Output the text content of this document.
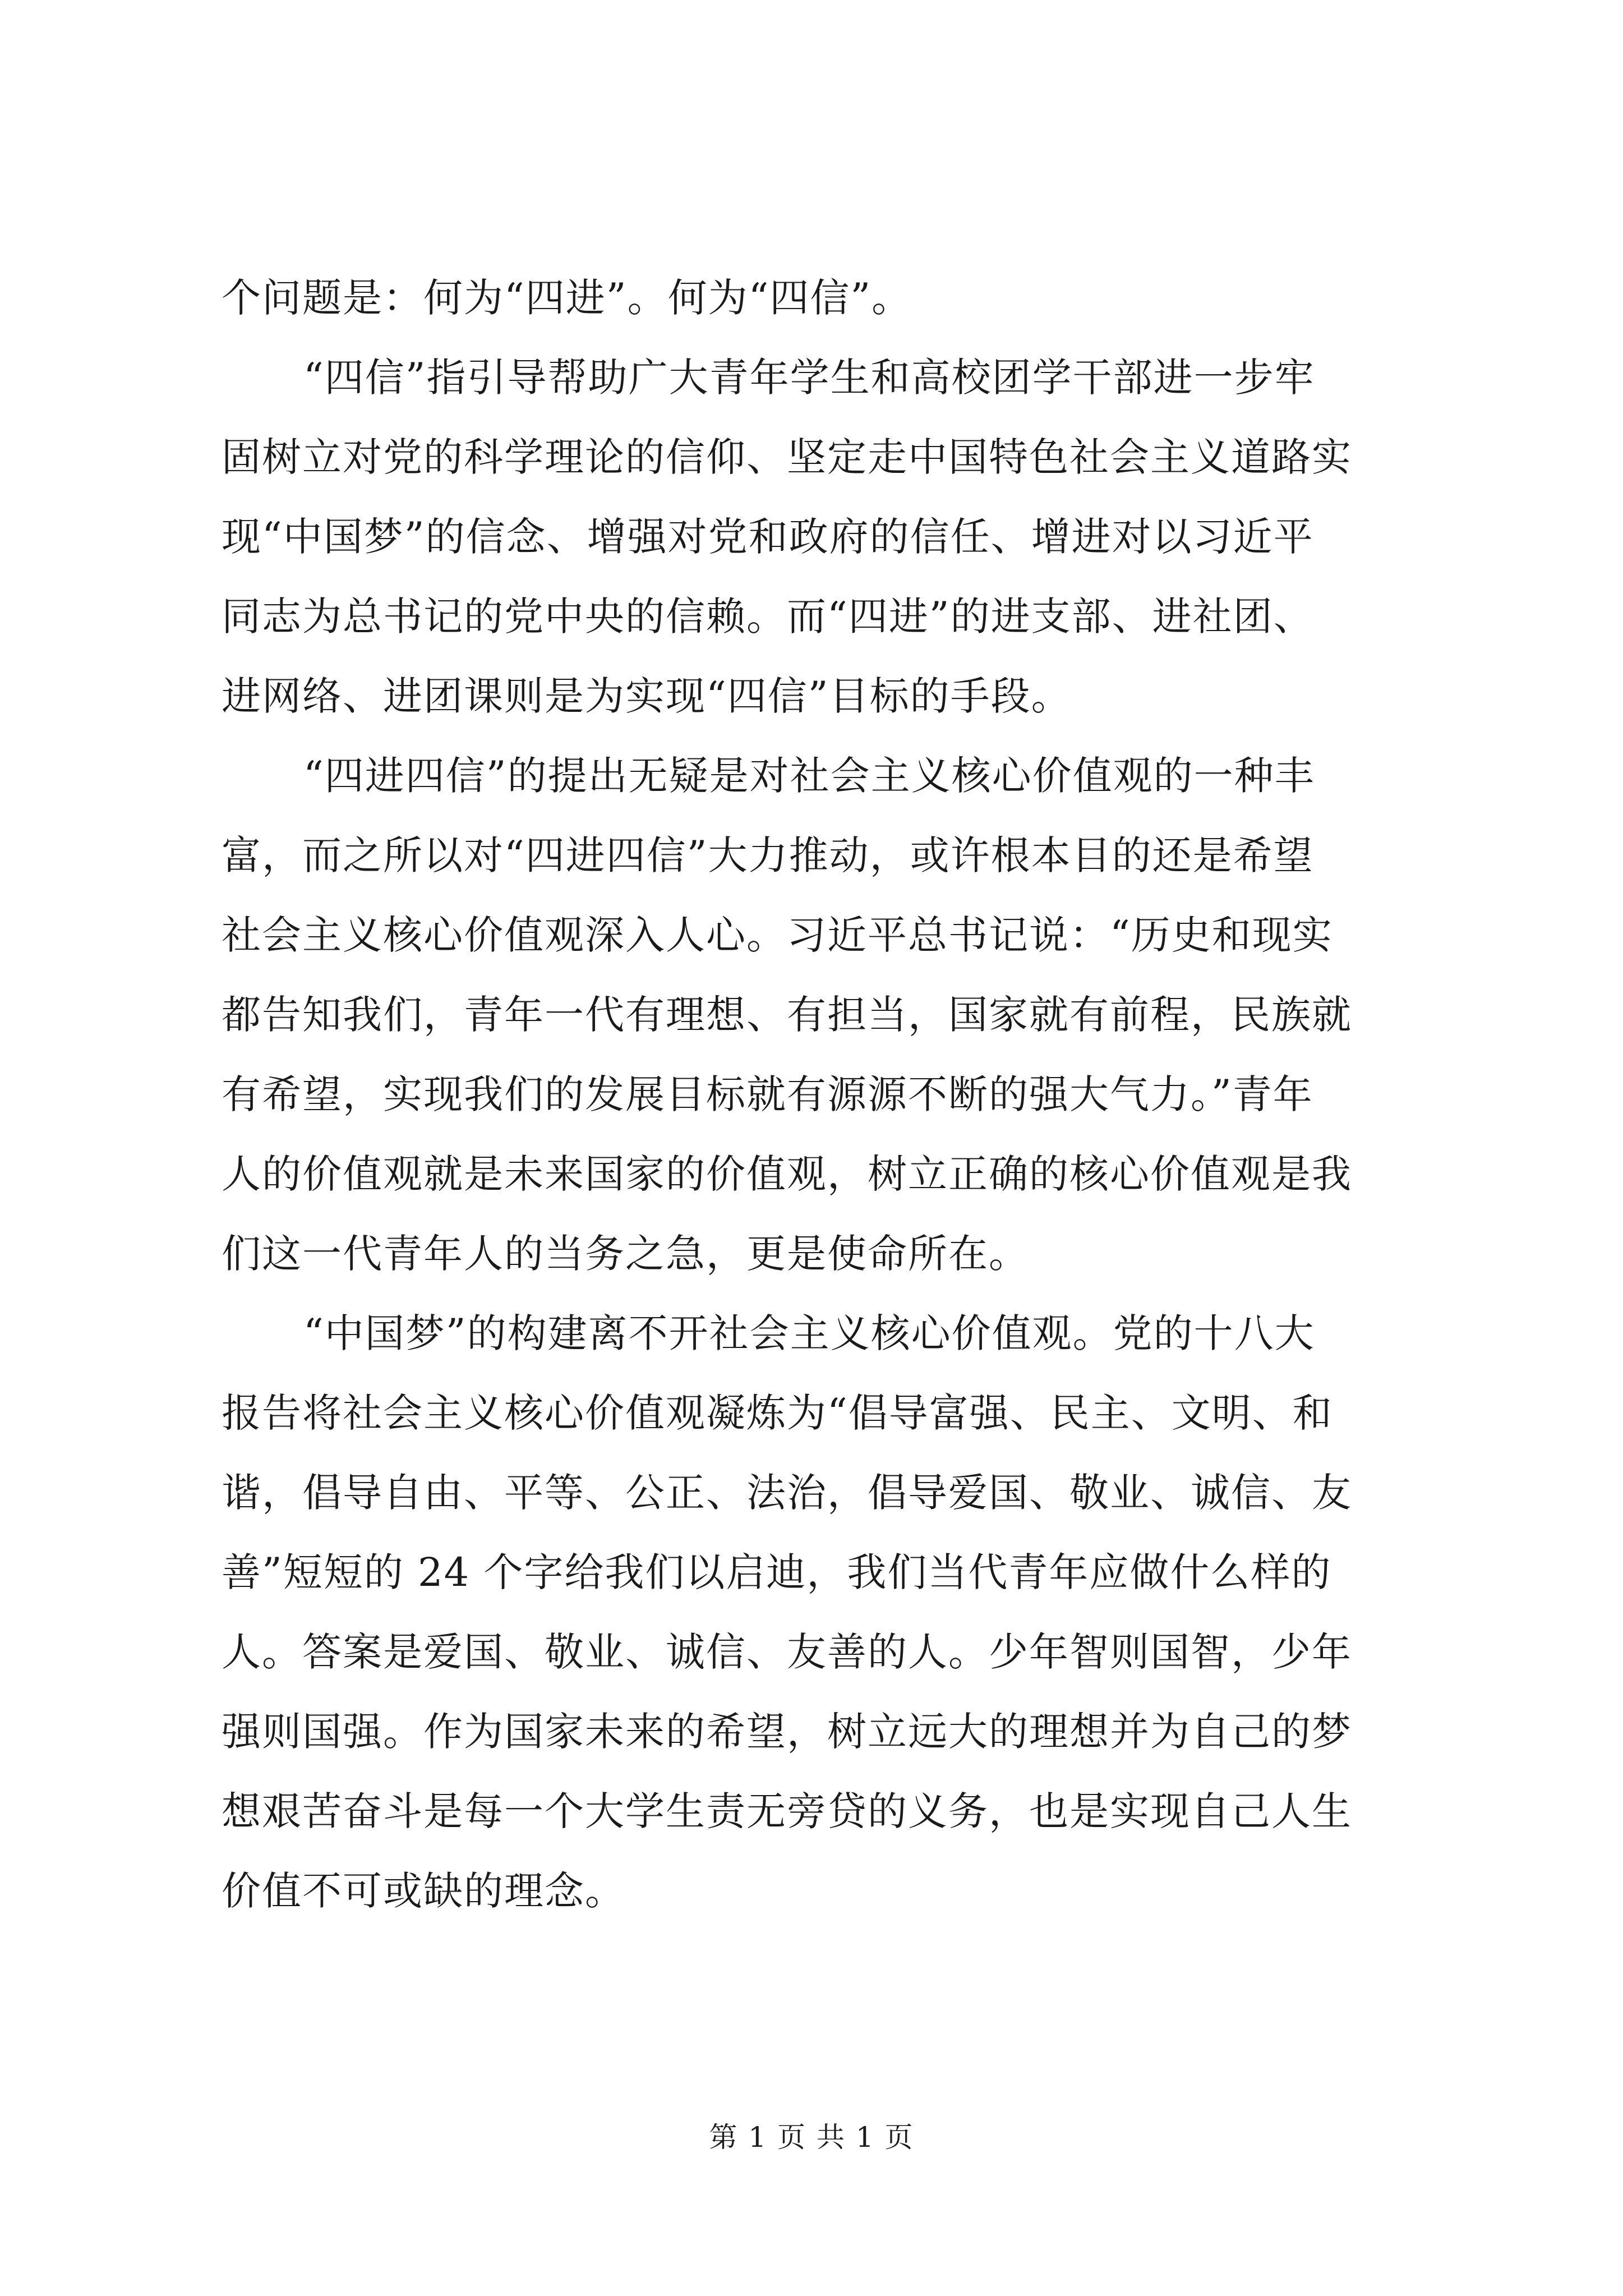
个问题是：何为“四进”。何为“四信”。
“四信”指引导帮助广大青年学生和高校团学干部进一步牢
固树立对党的科学理论的信仰、坚定走中国特色社会主义道路实
现“中国梦”的信念、增强对党和政府的信任、增进对以习近平
同志为总书记的党中央的信赖。而“四进”的进支部、进社团、
进网络、进团课则是为实现“四信”目标的手段。
“四进四信”的提出无疑是对社会主义核心价值观的一种丰
富，而之所以对“四进四信”大力推动，或许根本目的还是希望
社会主义核心价值观深入人心。习近平总书记说：“历史和现实
都告知我们，青年一代有理想、有担当，国家就有前程，民族就
有希望，实现我们的发展目标就有源源不断的强大气力。”青年
人的价值观就是未来国家的价值观，树立正确的核心价值观是我
们这一代青年人的当务之急，更是使命所在。
“中国梦”的构建离不开社会主义核心价值观。党的十八大
报告将社会主义核心价值观凝炼为“倡导富强、民主、文明、和
谐，倡导自由、平等、公正、法治，倡导爱国、敬业、诚信、友
善”短短的 24 个字给我们以启迪，我们当代青年应做什么样的
人。答案是爱国、敬业、诚信、友善的人。少年智则国智，少年
强则国强。作为国家未来的希望，树立远大的理想并为自己的梦
想艰苦奋斗是每一个大学生责无旁贷的义务，也是实现自己人生
价值不可或缺的理念。
第 1 页 共 1 页
